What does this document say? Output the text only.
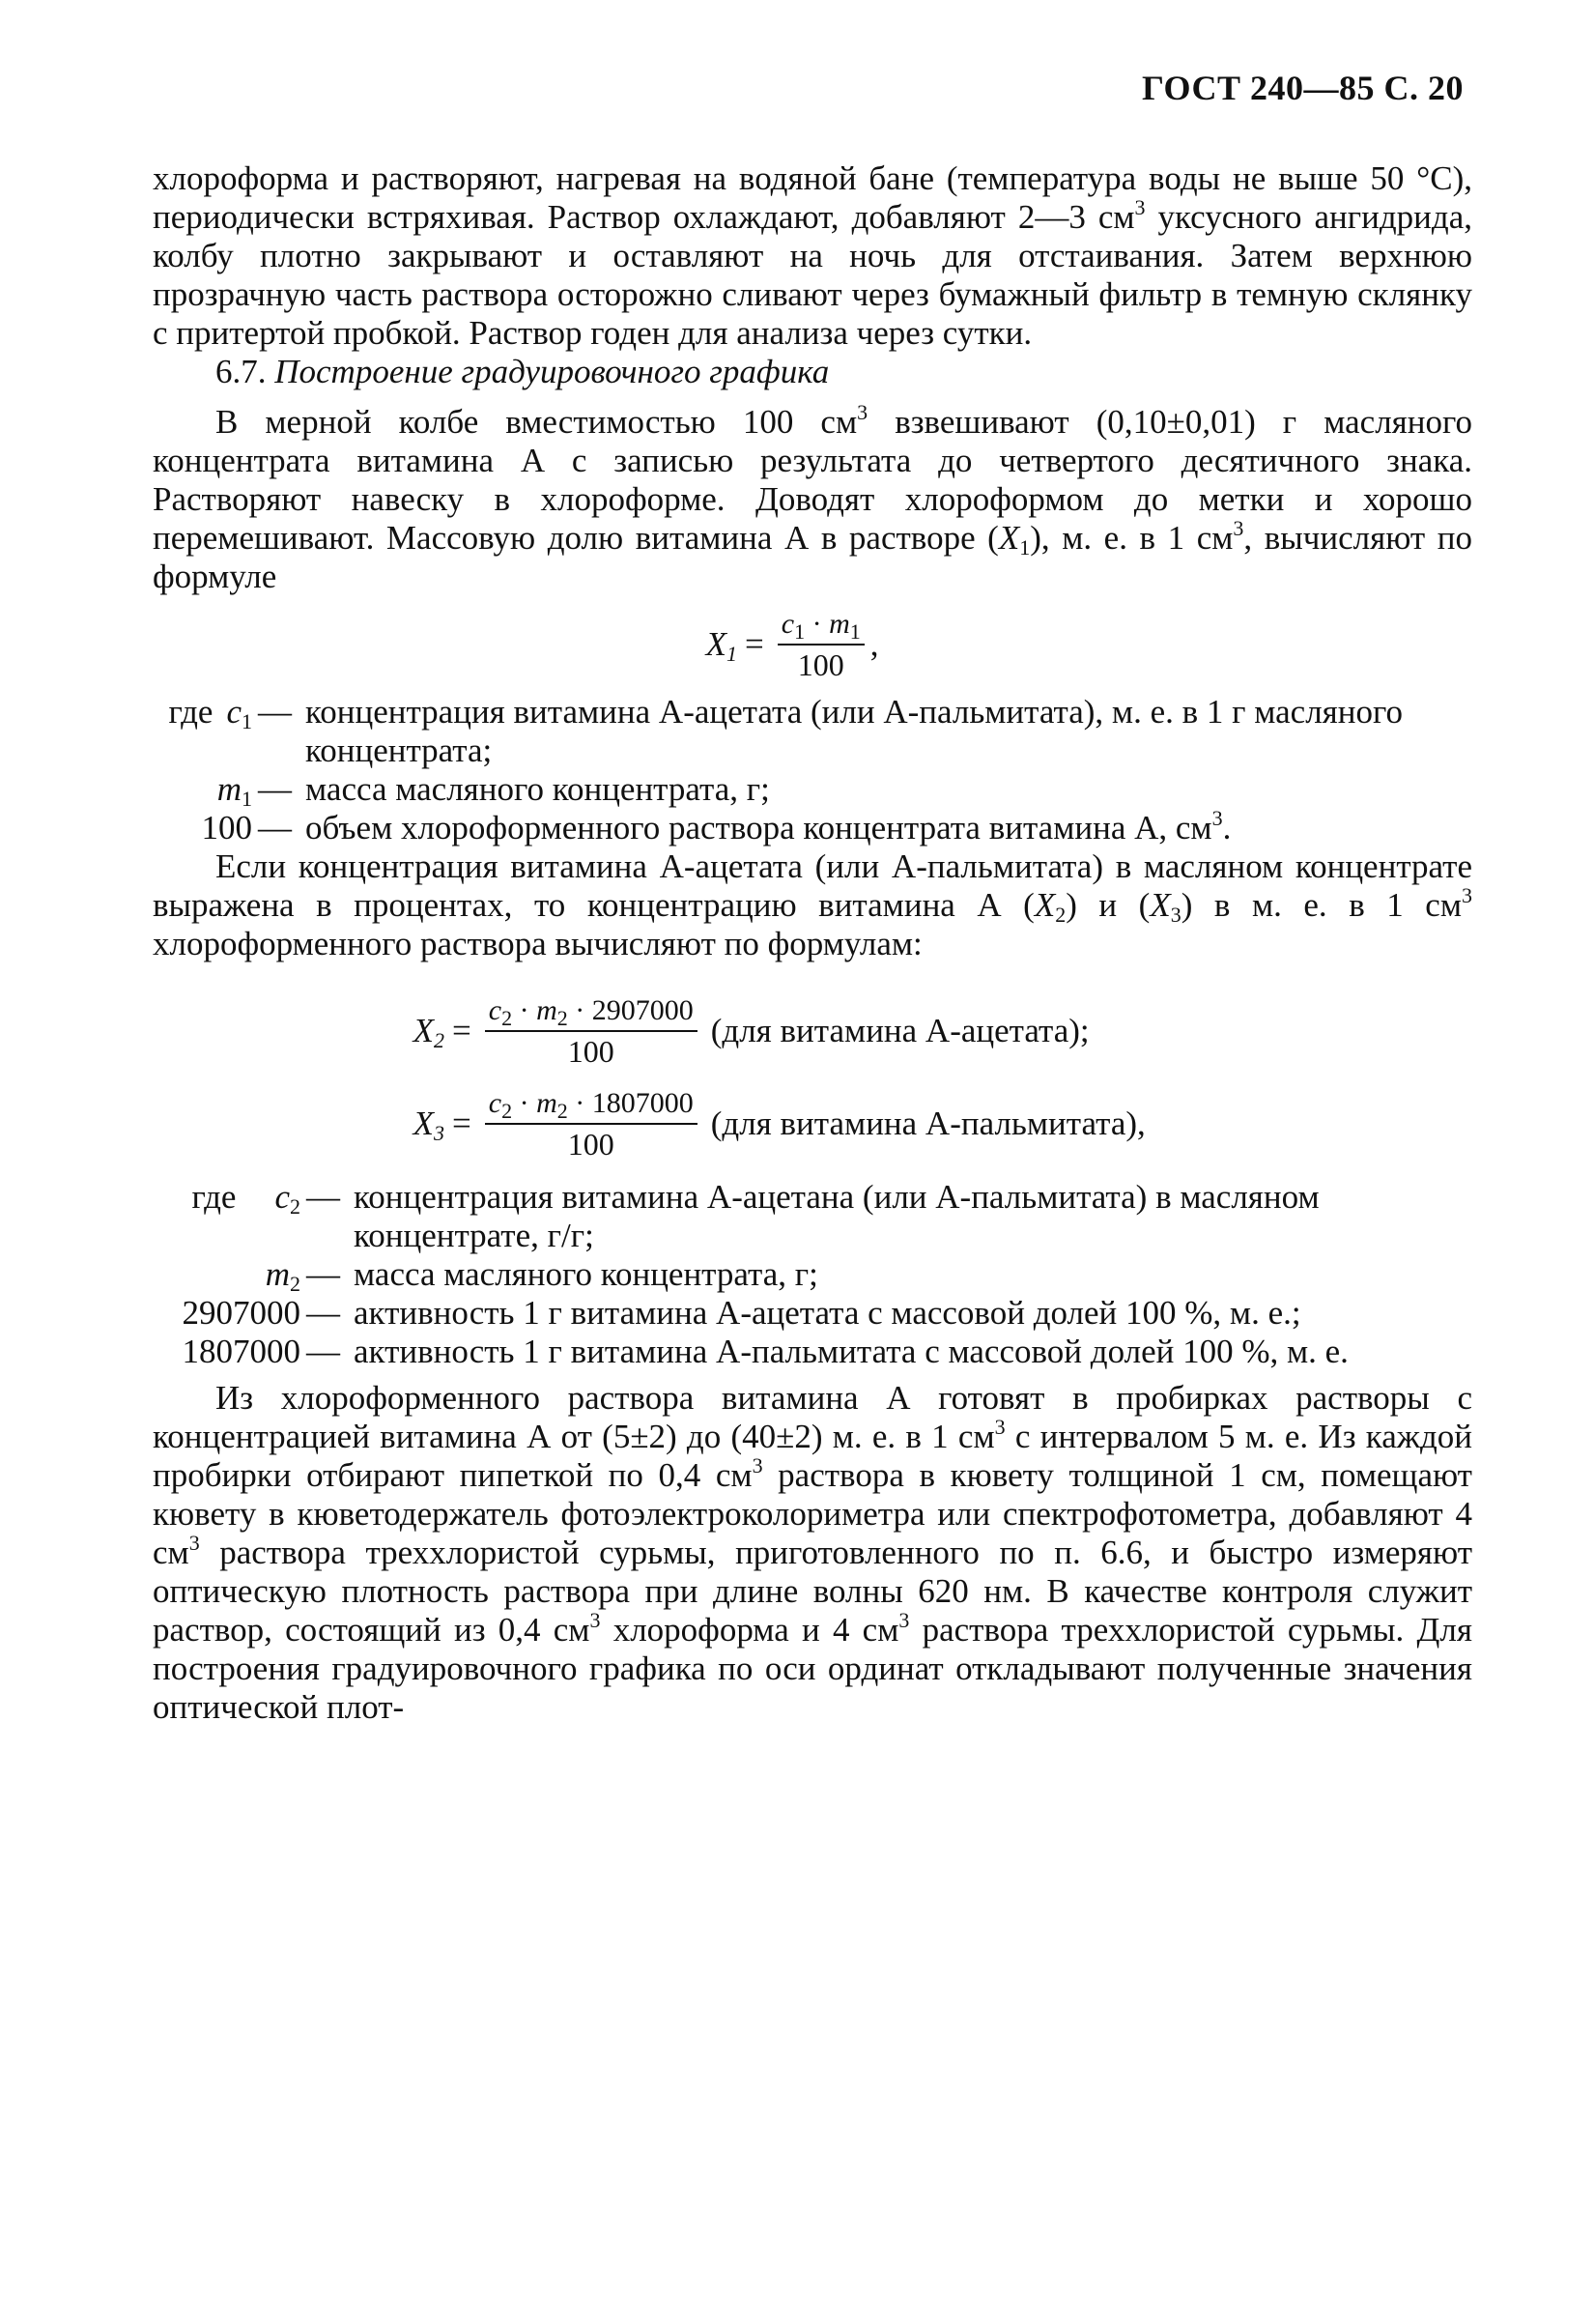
ГОСТ 240—85 С. 20

хлороформа и растворяют, нагревая на водяной бане (температура воды не выше 50 °С), периодически встряхивая. Раствор охлаждают, добавляют 2—3 $см^3$ уксусного ангидрида, колбу плотно закрывают и оставляют на ночь для отстаивания. Затем верхнюю прозрачную часть раствора осторожно сливают через бумажный фильтр в темную склянку с притертой пробкой. Раствор годен для анализа через сутки.

6.7. Построение градуировочного графика

В мерной колбе вместимостью 100 $см^3$ взвешивают (0,10±0,01) г масляного концентрата витамина А с записью результата до четвертого десятичного знака. Растворяют навеску в хлороформе. Доводят хлороформом до метки и хорошо перемешивают. Массовую долю витамина А в растворе $(X_1)$, м. е. в 1 $см^3$, вычисляют по формуле

$X_1 = \frac{c_1 \cdot m_1}{100}$ ,
где $c_1$ — концентрация витамина А-ацетата (или А-пальмитата), м. е. в 1 г масляного концентрата;
$m_1$ — масса масляного концентрата, г;
100 — объем хлороформенного раствора концентрата витамина А, $см^3$.

Если концентрация витамина А-ацетата (или А-пальмитата) в масляном концентрате выражена в процентах, то концентрацию витамина А $(X_2)$ и $(X_3)$ в м. е. в 1 $см^3$ хлороформенного раствора вычисляют по формулам:

$X_2 = \frac{c_2 \cdot m_2 \cdot 2907000}{100} (для$ витамина А-ацетата);
$X_3 = \frac{c_2 \cdot m_2 \cdot 1807000}{100} (для$ витамина А-пальмитата),
где $c_2$ — концентрация витамина А-ацетана (или А-пальмитата) в масляном концентрате, г/г;
$m_2$ — масса масляного концентрата, г;
2907000 — активность 1 г витамина А-ацетата с массовой долей 100 %, м. е.;
1807000 — активность 1 г витамина А-пальмитата с массовой долей 100 %, м. е.

Из хлороформенного раствора витамина А готовят в пробирках растворы с концентрацией витамина А от (5±2) до (40±2) м. е. в 1 $см^3$ с интервалом 5 м. е. Из каждой пробирки отбирают пипеткой по 0,4 $см^3$ раствора в кювету толщиной 1 см, помещают кювету в кюветодержатель фотоэлектроколориметра или спектрофотометра, добавляют 4 $см^3$ раствора треххлористой сурьмы, приготовленного по п. 6.6, и быстро измеряют оптическую плотность раствора при длине волны 620 нм. В качестве контроля служит раствор, состоящий из 0,4 $см^3$ хлороформа и 4 $см^3$ раствора треххлористой сурьмы. Для построения градуировочного графика по оси ординат откладывают полученные значения оптической плот-
